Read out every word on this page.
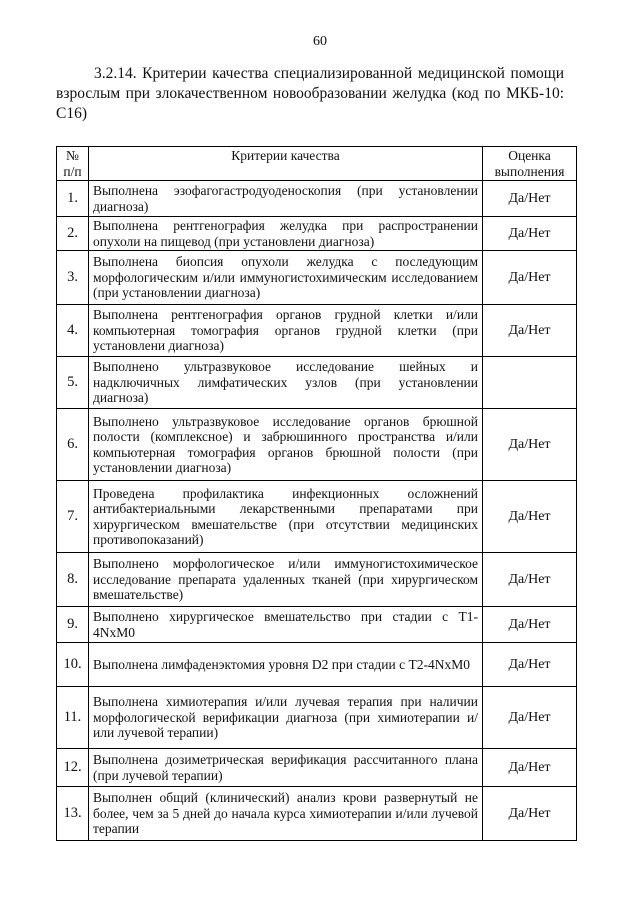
60
3.2.14. Критерии качества специализированной медицинской помощи взрослым при злокачественном новообразовании желудка (код по МКБ-10: C16)
№ п/п	Критерии качества	Оценка выполнения
1.	Выполнена эзофагогастродуоденоскопия (при установлении диагноза)	Да/Нет
2.	Выполнена рентгенография желудка при распространении опухоли на пищевод (при установлени диагноза)	Да/Нет
3.	Выполнена биопсия опухоли желудка с последующим морфологическим и/или иммуногистохимическим исследованием (при установлении диагноза)	Да/Нет
4.	Выполнена рентгенография органов грудной клетки и/или компьютерная томография органов грудной клетки (при установлени диагноза)	Да/Нет
5.	Выполнено ультразвуковое исследование шейных и надключичных лимфатических узлов (при установлении диагноза)	
6.	Выполнено ультразвуковое исследование органов брюшной полости (комплексное) и забрюшинного пространства и/или компьютерная томография органов брюшной полости (при установлении диагноза)	Да/Нет
7.	Проведена профилактика инфекционных осложнений антибактериальными лекарственными препаратами при хирургическом вмешательстве (при отсутствии медицинских противопоказаний)	Да/Нет
8.	Выполнено морфологическое и/или иммуногистохимическое исследование препарата удаленных тканей (при хирургическом вмешательстве)	Да/Нет
9.	Выполнено хирургическое вмешательство при стадии с T1-4NxM0	Да/Нет
10.	Выполнена лимфаденэктомия уровня D2 при стадии с T2-4NxM0	Да/Нет
11.	Выполнена химиотерапия и/или лучевая терапия при наличии морфологической верификации диагноза (при химиотерапии и/или лучевой терапии)	Да/Нет
12.	Выполнена дозиметрическая верификация рассчитанного плана (при лучевой терапии)	Да/Нет
13.	Выполнен общий (клинический) анализ крови развернутый не более, чем за 5 дней до начала курса химиотерапии и/или лучевой терапии	Да/Нет
